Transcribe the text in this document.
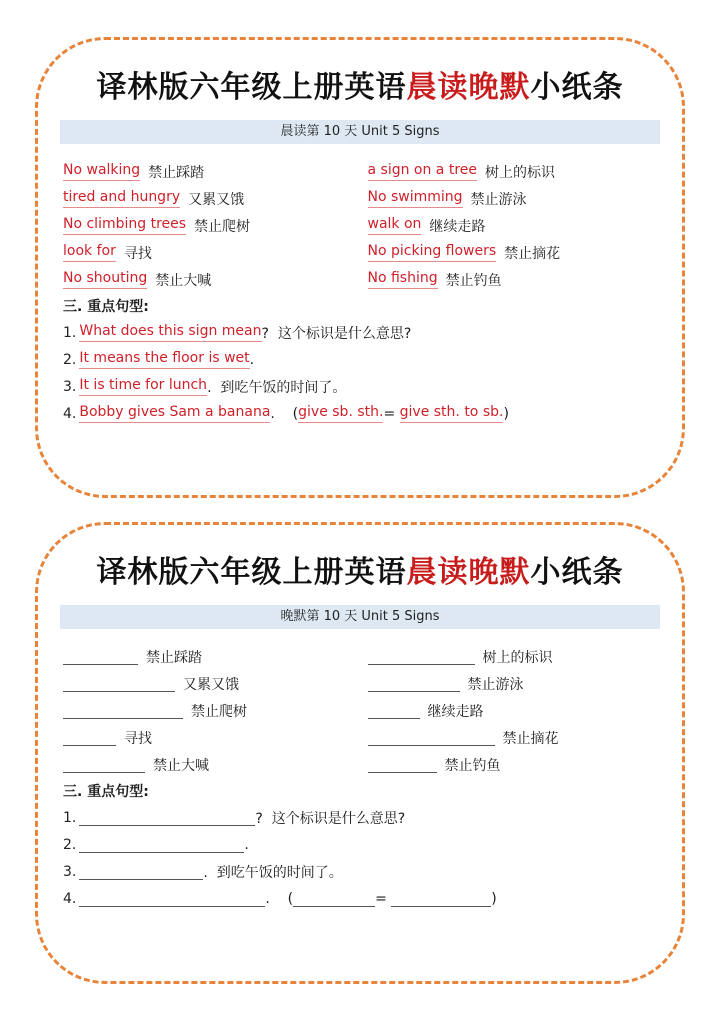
译林版六年级上册英语晨读晚默小纸条
晨读第 10 天 Unit 5 Signs
No walking 禁止踩踏	a sign on a tree 树上的标识
tired and hungry 又累又饿	No swimming 禁止游泳
No climbing trees 禁止爬树	walk on 继续走路
look for 寻找	No picking flowers 禁止摘花
No shouting 禁止大喊	No fishing 禁止钓鱼
三. 重点句型:
1. What does this sign mean ?  这个标识是什么意思?
2. It means the floor is wet .
3. It is time for lunch .  到吃午饭的时间了。
4. Bobby gives Sam a banana .    ( give sb. sth. = give sth. to sb. )
译林版六年级上册英语晨读晚默小纸条
晚默第 10 天 Unit 5 Signs
禁止踩踏	树上的标识
又累又饿	禁止游泳
禁止爬树	继续走路
寻找	禁止摘花
禁止大喊	禁止钓鱼
三. 重点句型:
1.	?  这个标识是什么意思?
2.	.
3.	.  到吃午饭的时间了。
4.	.    (	=	)
